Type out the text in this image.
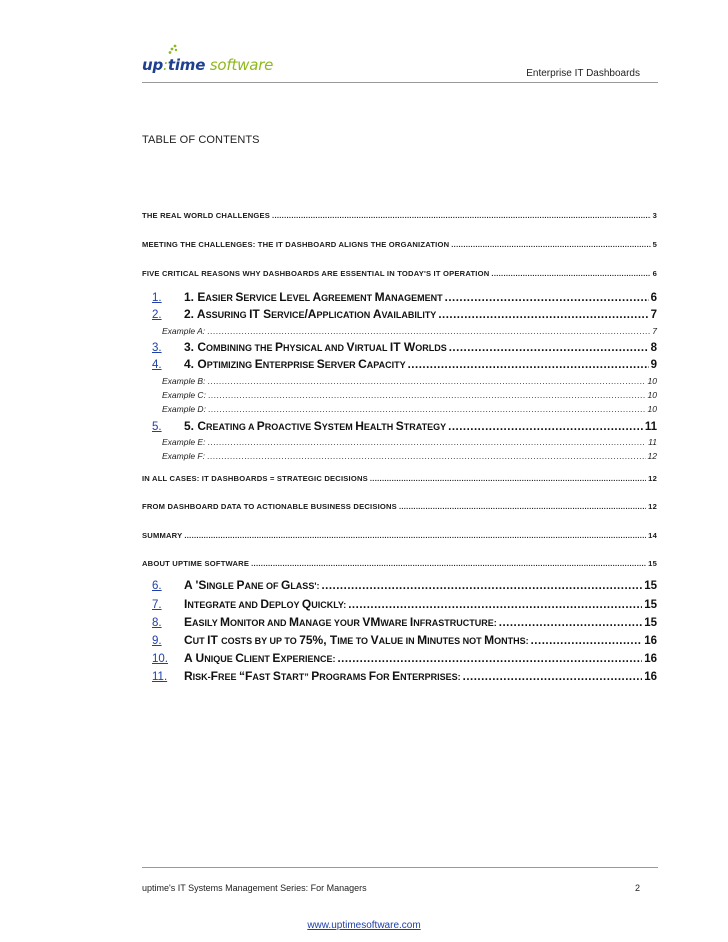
up:time software	Enterprise IT Dashboards
TABLE OF CONTENTS
THE REAL WORLD CHALLENGES .....	3
MEETING THE CHALLENGES: THE IT DASHBOARD ALIGNS THE ORGANIZATION .....	5
FIVE CRITICAL REASONS WHY DASHBOARDS ARE ESSENTIAL IN TODAY'S IT OPERATION .....	6
1.	1. EASIER SERVICE LEVEL AGREEMENT MANAGEMENT .....	6
2.	2. ASSURING IT SERVICE/APPLICATION AVAILABILITY .....	7
Example A: .....	7
3.	3. COMBINING THE PHYSICAL AND VIRTUAL IT WORLDS .....	8
4.	4. OPTIMIZING ENTERPRISE SERVER CAPACITY .....	9
Example B: .....	10
Example C: .....	10
Example D: .....	10
5.	5. CREATING A PROACTIVE SYSTEM HEALTH STRATEGY .....	11
Example E: .....	11
Example F: .....	12
IN ALL CASES: IT DASHBOARDS = STRATEGIC DECISIONS .....	12
FROM DASHBOARD DATA TO ACTIONABLE BUSINESS DECISIONS .....	12
SUMMARY .....	14
ABOUT UPTIME SOFTWARE .....	15
6.	A 'SINGLE PANE OF GLASS': .....	15
7.	INTEGRATE AND DEPLOY QUICKLY: .....	15
8.	EASILY MONITOR AND MANAGE YOUR VMWARE INFRASTRUCTURE: .....	15
9.	CUT IT COSTS BY UP TO 75%, TIME TO VALUE IN MINUTES NOT MONTHS: .....	16
10.	A UNIQUE CLIENT EXPERIENCE: .....	16
11.	RISK-FREE “FAST START” PROGRAMS FOR ENTERPRISES: .....	16
uptime's IT Systems Management Series: For Managers	2
www.uptimesoftware.com
